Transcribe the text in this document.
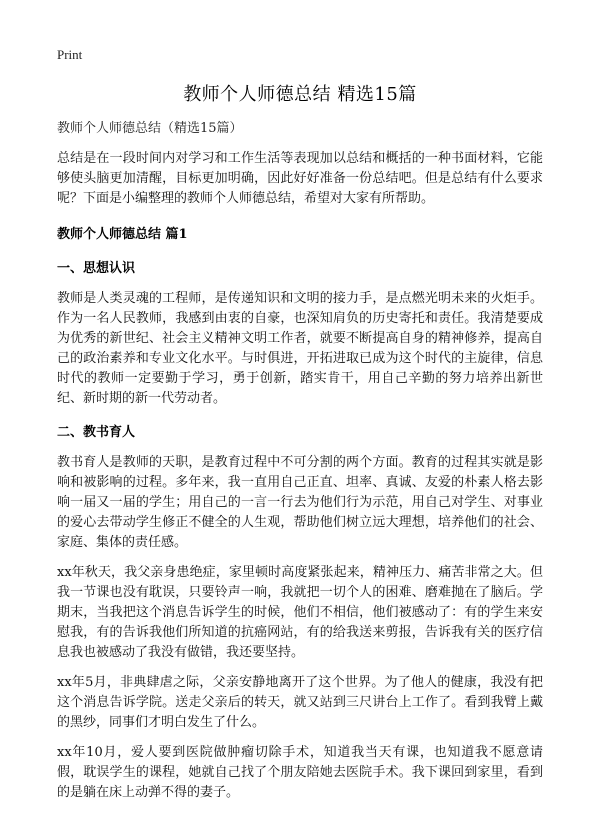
Print
教师个人师德总结 精选15篇

教师个人师德总结（精选15篇）

总结是在一段时间内对学习和工作生活等表现加以总结和概括的一种书面材料，它能够使头脑更加清醒，目标更加明确，因此好好准备一份总结吧。但是总结有什么要求呢？下面是小编整理的教师个人师德总结，希望对大家有所帮助。

教师个人师德总结 篇1
一、思想认识

教师是人类灵魂的工程师，是传递知识和文明的接力手，是点燃光明未来的火炬手。作为一名人民教师，我感到由衷的自豪，也深知肩负的历史寄托和责任。我清楚要成为优秀的新世纪、社会主义精神文明工作者，就要不断提高自身的精神修养，提高自己的政治素养和专业文化水平。与时俱进，开拓进取已成为这个时代的主旋律，信息时代的教师一定要勤于学习，勇于创新，踏实肯干，用自己辛勤的努力培养出新世纪、新时期的新一代劳动者。

二、教书育人

教书育人是教师的天职，是教育过程中不可分割的两个方面。教育的过程其实就是影响和被影响的过程。多年来，我一直用自己正直、坦率、真诚、友爱的朴素人格去影响一届又一届的学生；用自己的一言一行去为他们行为示范，用自己对学生、对事业的爱心去带动学生修正不健全的人生观，帮助他们树立远大理想，培养他们的社会、家庭、集体的责任感。

xx年秋天，我父亲身患绝症，家里顿时高度紧张起来，精神压力、痛苦非常之大。但我一节课也没有耽误，只要铃声一响，我就把一切个人的困难、磨难抛在了脑后。学期末，当我把这个消息告诉学生的时候，他们不相信，他们被感动了：有的学生来安慰我，有的告诉我他们所知道的抗癌网站，有的给我送来剪报，告诉我有关的医疗信息我也被感动了我没有做错，我还要坚持。

xx年5月，非典肆虐之际，父亲安静地离开了这个世界。为了他人的健康，我没有把这个消息告诉学院。送走父亲后的转天，就又站到三尺讲台上工作了。看到我臂上戴的黑纱，同事们才明白发生了什么。

xx年10月，爱人要到医院做肿瘤切除手术，知道我当天有课，也知道我不愿意请假，耽误学生的课程，她就自己找了个朋友陪她去医院手术。我下课回到家里，看到的是躺在床上动弹不得的妻子。
